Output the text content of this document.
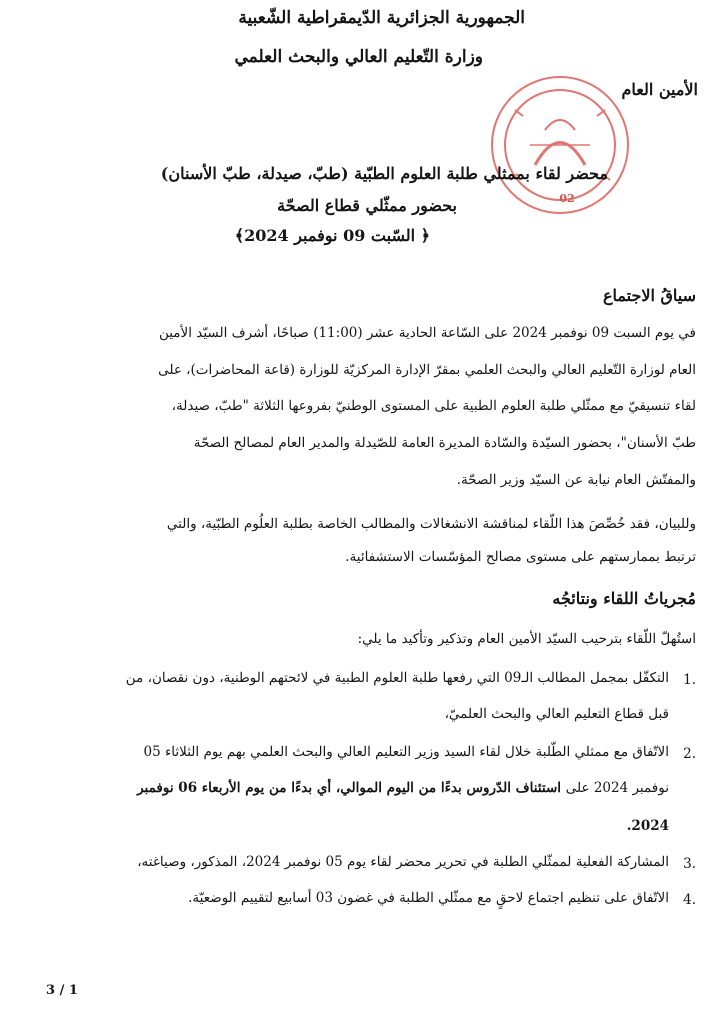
الجمهورية الجزائرية الدّيمقراطية الشّعبية
وزارة التّعليم العالي والبحث العلمي
الأمين العام
02
محضر لقاء بممثلي طلبة العلوم الطبّية (طبّ، صيدلة، طبّ الأسنان)
بحضور ممثّلي قطاع الصحّة
﴿ السّبت 09 نوفمبر 2024﴾
سياقُ الاجتماع
في يوم السبت 09 نوفمبر 2024 على السّاعة الحادية عشر (11:00) صباحًا، أشرف السيّد الأمين
العام لوزارة التّعليم العالي والبحث العلمي بمقرّ الإدارة المركزيّة للوزارة (قاعة المحاضرات)، على
لقاء تنسيقيّ مع ممثّلي طلبة العلوم الطبية على المستوى الوطنيّ بفروعها الثلاثة "طبّ، صيدلة،
طبّ الأسنان"، بحضور السيّدة والسّادة المديرة العامة للصّيدلة والمدير العام لمصالح الصحّة
والمفتّش العام نيابة عن السيّد وزير الصحّة.
وللبيان، فقد خُصِّصَ هذا اللّقاء لمناقشة الانشغالات والمطالب الخاصة بطلبة العلُوم الطبّية، والتي
ترتبط بممارستهم على مستوى مصالح المؤسّسات الاستشفائية.
مُجرياتُ اللقاء ونتائجُه
استُهلّ اللّقاء بترحيب السيّد الأمين العام وتذكير وتأكيد ما يلي:
1.
التكفّل بمجمل المطالب الـ09 التي رفعها طلبة العلوم الطبية في لائحتهم الوطنية، دون نقصان، من
قبل قطاع التعليم العالي والبحث العلميّ،
2.
الاتّفاق مع ممثلي الطّلبة خلال لقاء السيد وزير التعليم العالي والبحث العلمي بهم يوم الثلاثاء 05
نوفمبر 2024 على استئناف الدّروس بدءًا من اليوم الموالي، أي بدءًا من يوم الأربعاء 06 نوفمبر
2024.
3.
المشاركة الفعلية لممثّلي الطلبة في تحرير محضر لقاء يوم 05 نوفمبر 2024، المذكور، وصياغته،
4.
الاتّفاق على تنظيم اجتماع لاحقٍ مع ممثّلي الطلبة في غضون 03 أسابيع لتقييم الوضعيّة.
3 / 1
